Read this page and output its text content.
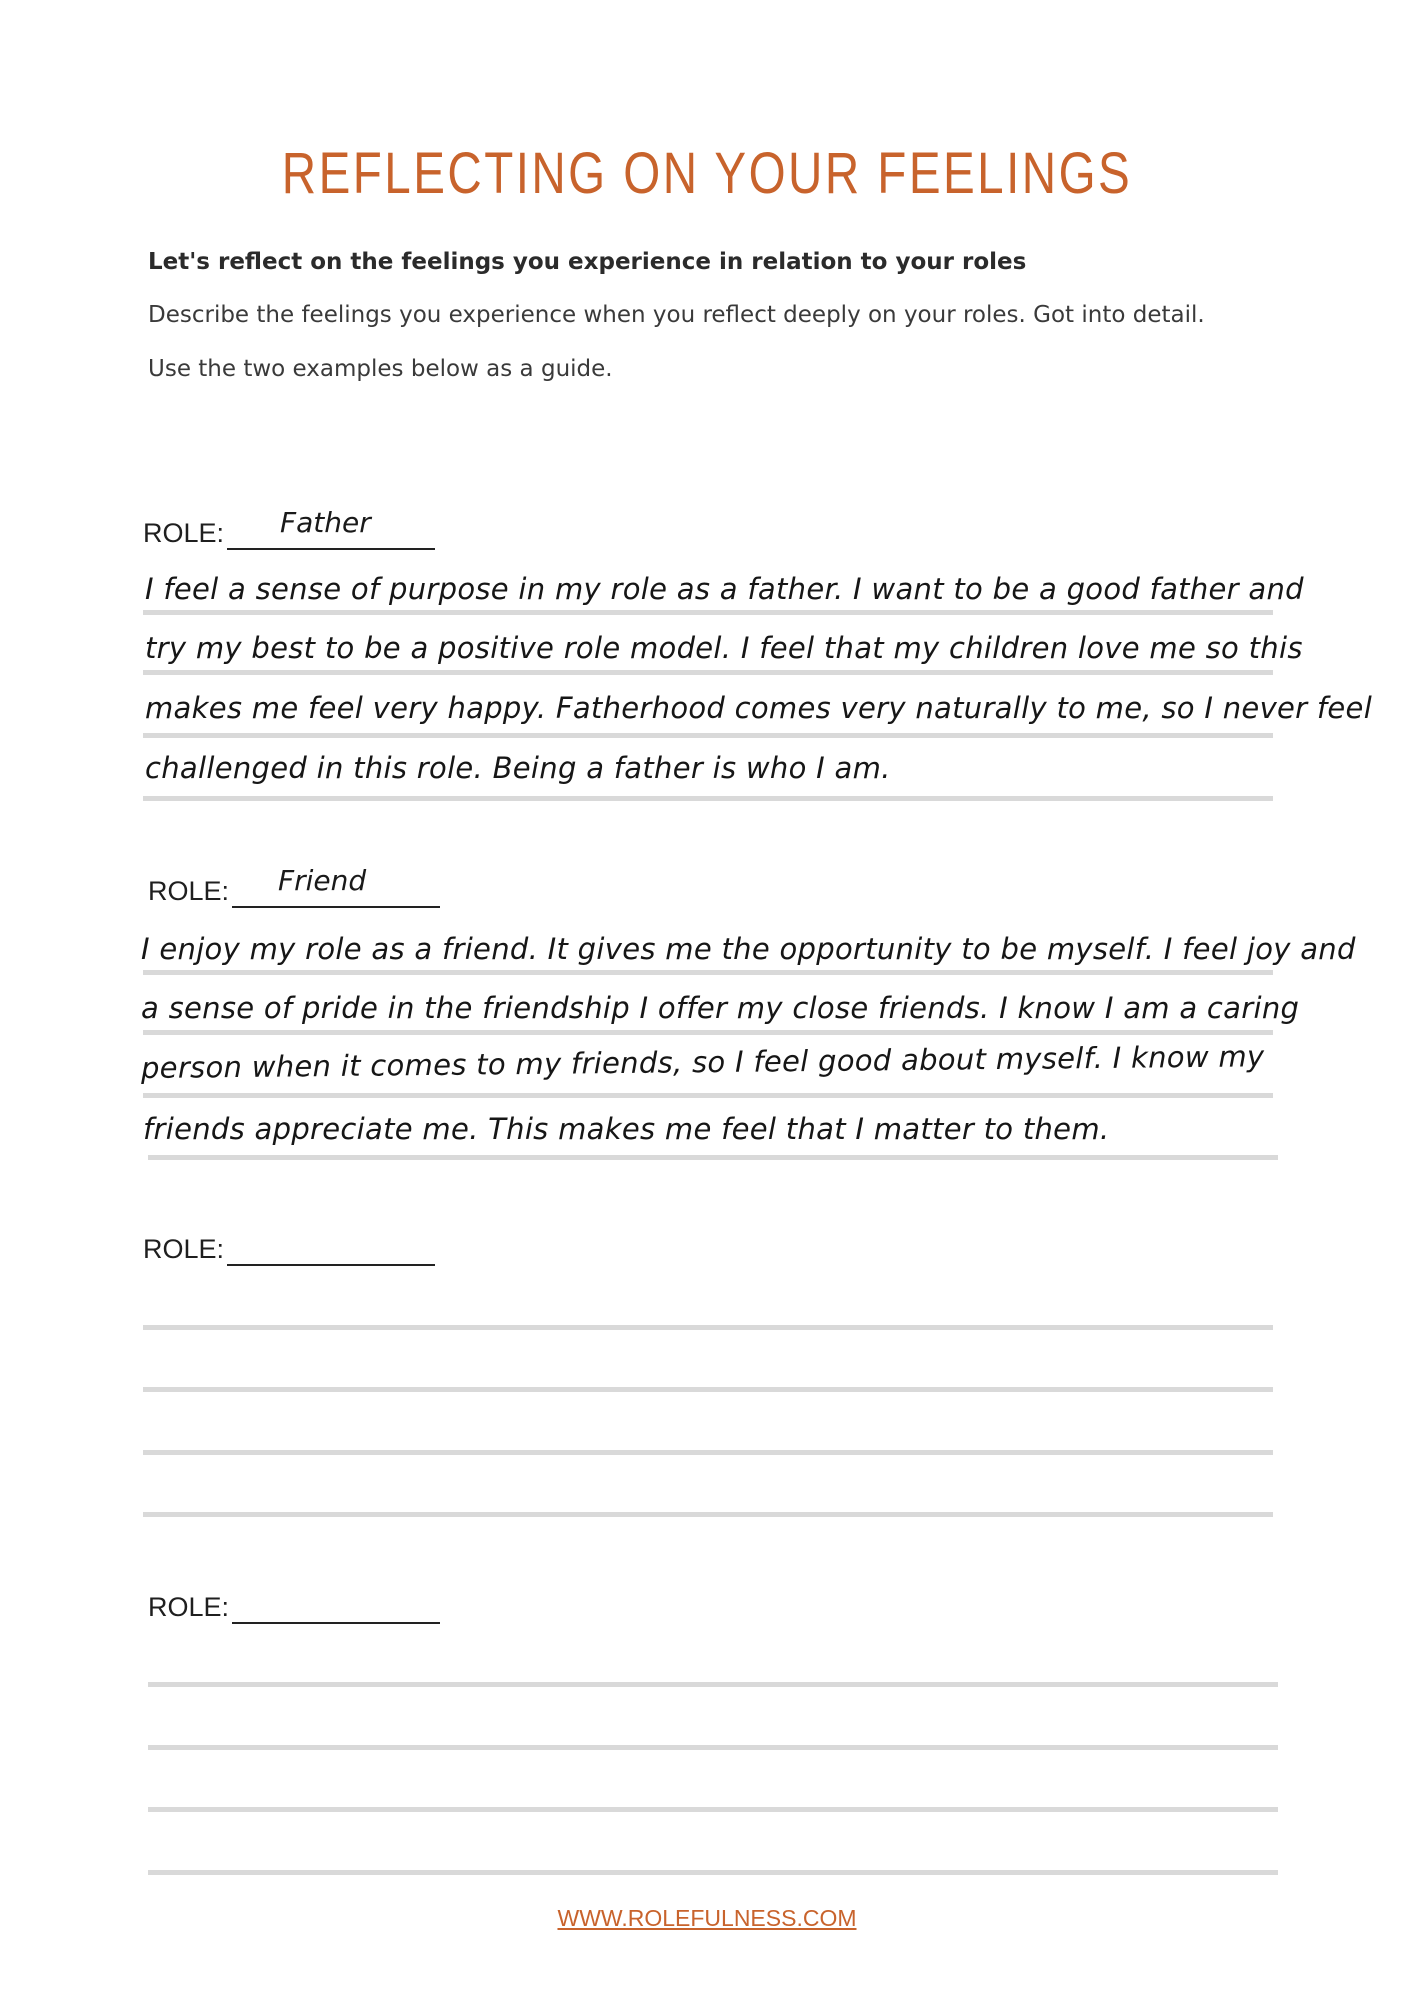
REFLECTING ON YOUR FEELINGS
Let's reflect on the feelings you experience in relation to your roles
Describe the feelings you experience when you reflect deeply on your roles. Got into detail.
Use the two examples below as a guide.
ROLE: Father
I feel a sense of purpose in my role as a father. I want to be a good father and
try my best to be a positive role model. I feel that my children love me so this
makes me feel very happy. Fatherhood comes very naturally to me, so I never feel
challenged in this role. Being a father is who I am.
ROLE: Friend
I enjoy my role as a friend. It gives me the opportunity to be myself. I feel joy and
a sense of pride in the friendship I offer my close friends. I know I am a caring
person when it comes to my friends, so I feel good about myself. I know my
friends appreciate me. This makes me feel that I matter to them.
ROLE:
ROLE:
WWW.ROLEFULNESS.COM
